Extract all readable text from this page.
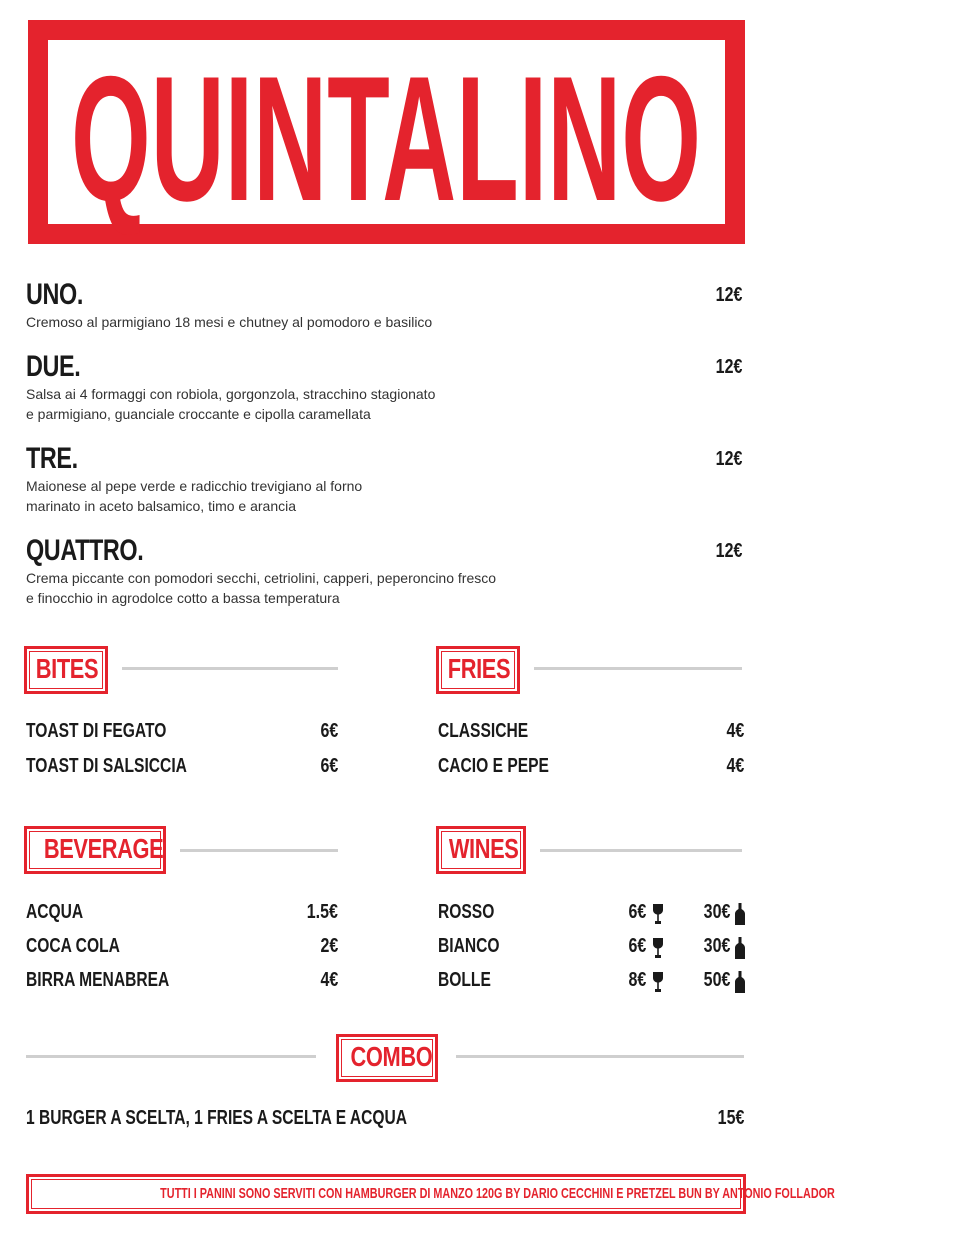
QUINTALINO
UNO.	12€
Cremoso al parmigiano 18 mesi e chutney al pomodoro e basilico
DUE.	12€
Salsa ai 4 formaggi con robiola, gorgonzola, stracchino stagionato
e parmigiano, guanciale croccante e cipolla caramellata
TRE.	12€
Maionese al pepe verde e radicchio trevigiano al forno
marinato in aceto balsamico, timo e arancia
QUATTRO.	12€
Crema piccante con pomodori secchi, cetriolini, capperi, peperoncino fresco
e finocchio in agrodolce cotto a bassa temperatura
BITES
TOAST DI FEGATO	6€
TOAST DI SALSICCIA	6€
FRIES
CLASSICHE	4€
CACIO E PEPE	4€
BEVERAGE
ACQUA	1.5€
COCA COLA	2€
BIRRA MENABREA	4€
WINES
ROSSO	6€	30€
BIANCO	6€	30€
BOLLE	8€	50€
COMBO
1 BURGER A SCELTA, 1 FRIES A SCELTA E ACQUA	15€
TUTTI I PANINI SONO SERVITI CON HAMBURGER DI MANZO 120G BY DARIO CECCHINI E PRETZEL BUN BY ANTONIO FOLLADOR
